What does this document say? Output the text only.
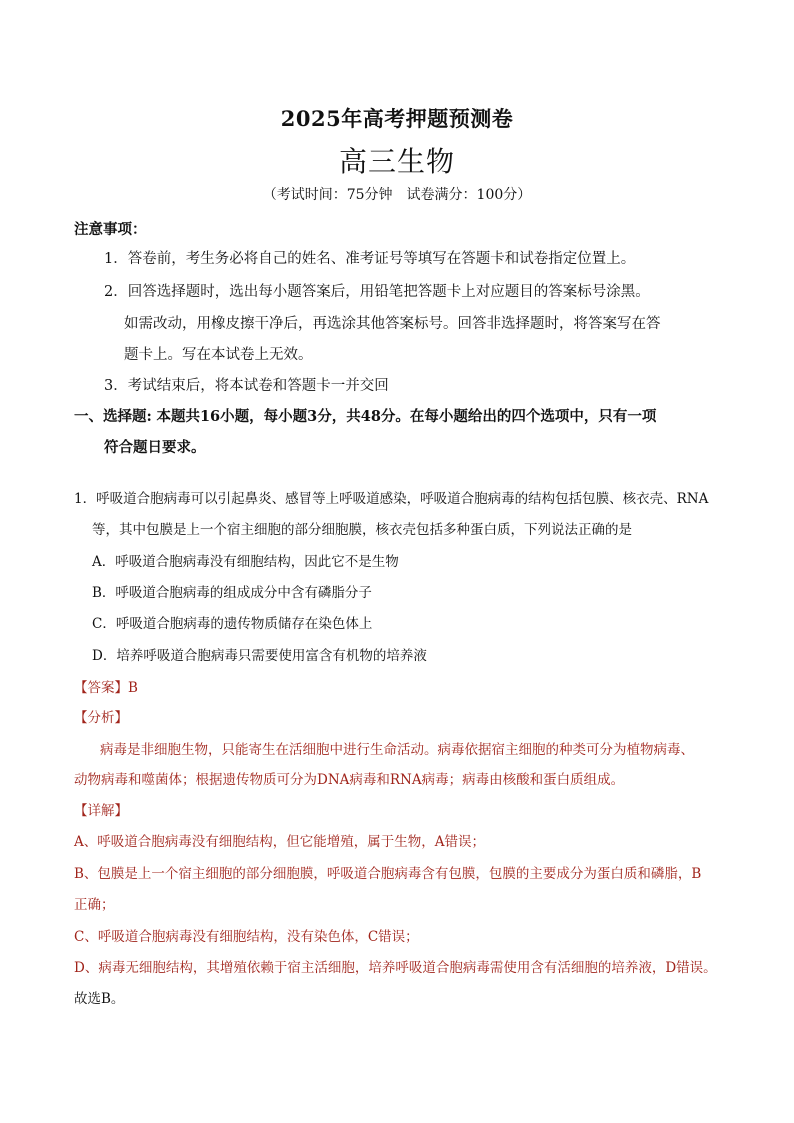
2025年高考押题预测卷
高三生物
（考试时间：75分钟　试卷满分：100分）
注意事项：
1．答卷前，考生务必将自己的姓名、准考证号等填写在答题卡和试卷指定位置上。
2．回答选择题时，选出每小题答案后，用铅笔把答题卡上对应题目的答案标号涂黑。
如需改动，用橡皮擦干净后，再选涂其他答案标号。回答非选择题时，将答案写在答
题卡上。写在本试卷上无效。
3．考试结束后，将本试卷和答题卡一并交回
一、选择题: 本题共16小题，每小题3分，共48分。在每小题给出的四个选项中，只有一项
符合题日要求。
1．呼吸道合胞病毒可以引起鼻炎、感冒等上呼吸道感染，呼吸道合胞病毒的结构包括包膜、核衣壳、RNA
等，其中包膜是上一个宿主细胞的部分细胞膜，核衣壳包括多种蛋白质，下列说法正确的是
A．呼吸道合胞病毒没有细胞结构，因此它不是生物
B．呼吸道合胞病毒的组成成分中含有磷脂分子
C．呼吸道合胞病毒的遗传物质储存在染色体上
D．培养呼吸道合胞病毒只需要使用富含有机物的培养液
【答案】B
【分析】
病毒是非细胞生物，只能寄生在活细胞中进行生命活动。病毒依据宿主细胞的种类可分为植物病毒、
动物病毒和噬菌体；根据遗传物质可分为DNA病毒和RNA病毒；病毒由核酸和蛋白质组成。
【详解】
A、呼吸道合胞病毒没有细胞结构，但它能增殖，属于生物，A错误；
B、包膜是上一个宿主细胞的部分细胞膜，呼吸道合胞病毒含有包膜，包膜的主要成分为蛋白质和磷脂，B
正确；
C、呼吸道合胞病毒没有细胞结构，没有染色体，C错误；
D、病毒无细胞结构，其增殖依赖于宿主活细胞，培养呼吸道合胞病毒需使用含有活细胞的培养液，D错误。
故选B。
